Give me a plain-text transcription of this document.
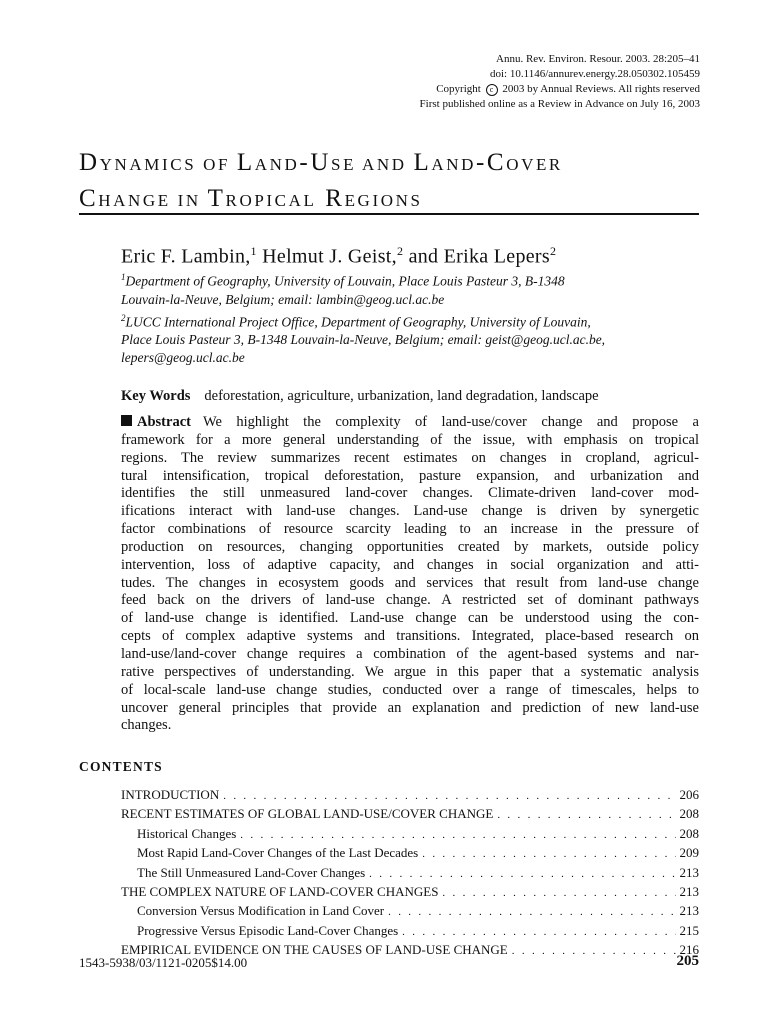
Annu. Rev. Environ. Resour. 2003. 28:205–41
doi: 10.1146/annurev.energy.28.050302.105459
Copyright c 2003 by Annual Reviews. All rights reserved
First published online as a Review in Advance on July 16, 2003
DYNAMICS OF LAND-USE AND LAND-COVER
CHANGE IN TROPICAL REGIONS
Eric F. Lambin,$^1$ Helmut J. Geist,$^2$ and Erika Lepers$^2$
$^1$Department of Geography, University of Louvain, Place Louis Pasteur 3, B-1348
Louvain-la-Neuve, Belgium; email: lambin@geog.ucl.ac.be
$^2$LUCC International Project Office, Department of Geography, University of Louvain,
Place Louis Pasteur 3, B-1348 Louvain-la-Neuve, Belgium; email: geist@geog.ucl.ac.be,
lepers@geog.ucl.ac.be
Key Words deforestation, agriculture, urbanization, land degradation, landscape
Abstract We highlight the complexity of land-use/cover change and propose a
framework for a more general understanding of the issue, with emphasis on tropical
regions. The review summarizes recent estimates on changes in cropland, agricul-
tural intensification, tropical deforestation, pasture expansion, and urbanization and
identifies the still unmeasured land-cover changes. Climate-driven land-cover mod-
ifications interact with land-use changes. Land-use change is driven by synergetic
factor combinations of resource scarcity leading to an increase in the pressure of
production on resources, changing opportunities created by markets, outside policy
intervention, loss of adaptive capacity, and changes in social organization and atti-
tudes. The changes in ecosystem goods and services that result from land-use change
feed back on the drivers of land-use change. A restricted set of dominant pathways
of land-use change is identified. Land-use change can be understood using the con-
cepts of complex adaptive systems and transitions. Integrated, place-based research on
land-use/land-cover change requires a combination of the agent-based systems and nar-
rative perspectives of understanding. We argue in this paper that a systematic analysis
of local-scale land-use change studies, conducted over a range of timescales, helps to
uncover general principles that provide an explanation and prediction of new land-use
changes.
CONTENTS
INTRODUCTION . . .	206
RECENT ESTIMATES OF GLOBAL LAND-USE/COVER CHANGE . . .	208
Historical Changes . . .	208
Most Rapid Land-Cover Changes of the Last Decades . . .	209
The Still Unmeasured Land-Cover Changes . . .	213
THE COMPLEX NATURE OF LAND-COVER CHANGES . . .	213
Conversion Versus Modification in Land Cover . . .	213
Progressive Versus Episodic Land-Cover Changes . . .	215
EMPIRICAL EVIDENCE ON THE CAUSES OF LAND-USE CHANGE . . .	216
1543-5938/03/1121-0205$14.00	205
